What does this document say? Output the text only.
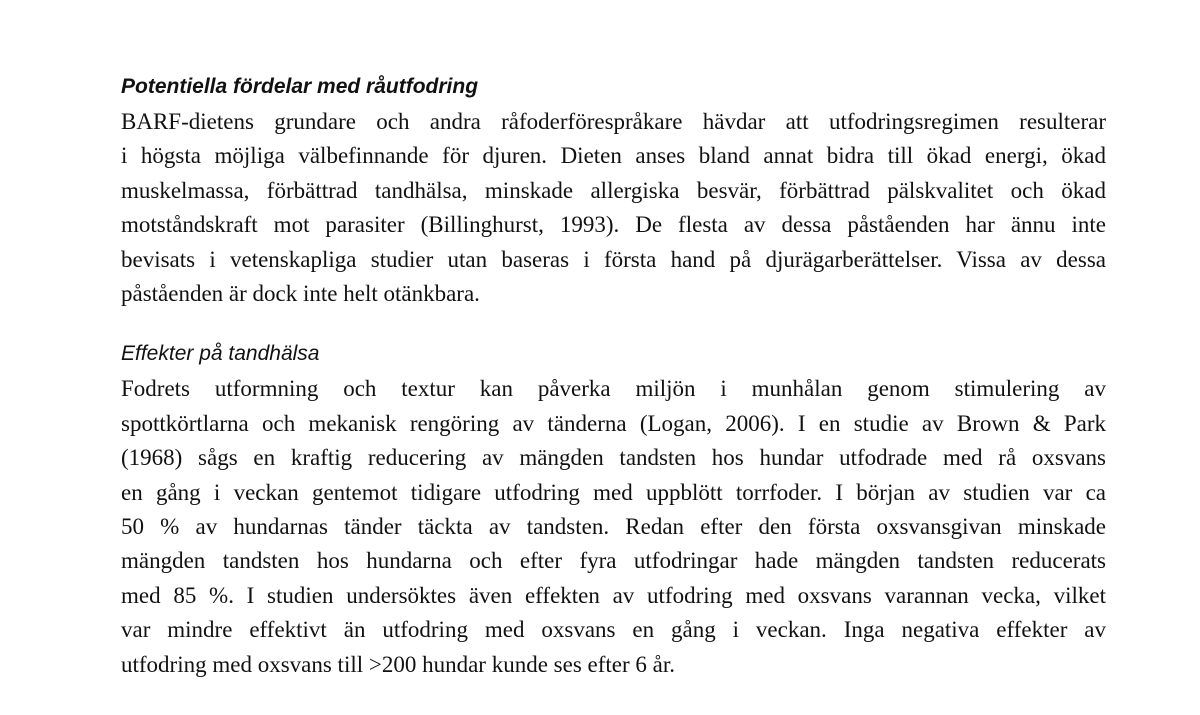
Potentiella fördelar med råutfodring
BARF-dietens grundare och andra råfoderförespråkare hävdar att utfodringsregimen resulterar
i högsta möjliga välbefinnande för djuren. Dieten anses bland annat bidra till ökad energi, ökad
muskelmassa, förbättrad tandhälsa, minskade allergiska besvär, förbättrad pälskvalitet och ökad
motståndskraft mot parasiter (Billinghurst, 1993). De flesta av dessa påståenden har ännu inte
bevisats i vetenskapliga studier utan baseras i första hand på djurägarberättelser. Vissa av dessa
påståenden är dock inte helt otänkbara.
Effekter på tandhälsa
Fodrets utformning och textur kan påverka miljön i munhålan genom stimulering av
spottkörtlarna och mekanisk rengöring av tänderna (Logan, 2006). I en studie av Brown & Park
(1968) sågs en kraftig reducering av mängden tandsten hos hundar utfodrade med rå oxsvans
en gång i veckan gentemot tidigare utfodring med uppblött torrfoder. I början av studien var ca
50 % av hundarnas tänder täckta av tandsten. Redan efter den första oxsvansgivan minskade
mängden tandsten hos hundarna och efter fyra utfodringar hade mängden tandsten reducerats
med 85 %. I studien undersöktes även effekten av utfodring med oxsvans varannan vecka, vilket
var mindre effektivt än utfodring med oxsvans en gång i veckan. Inga negativa effekter av
utfodring med oxsvans till >200 hundar kunde ses efter 6 år.
